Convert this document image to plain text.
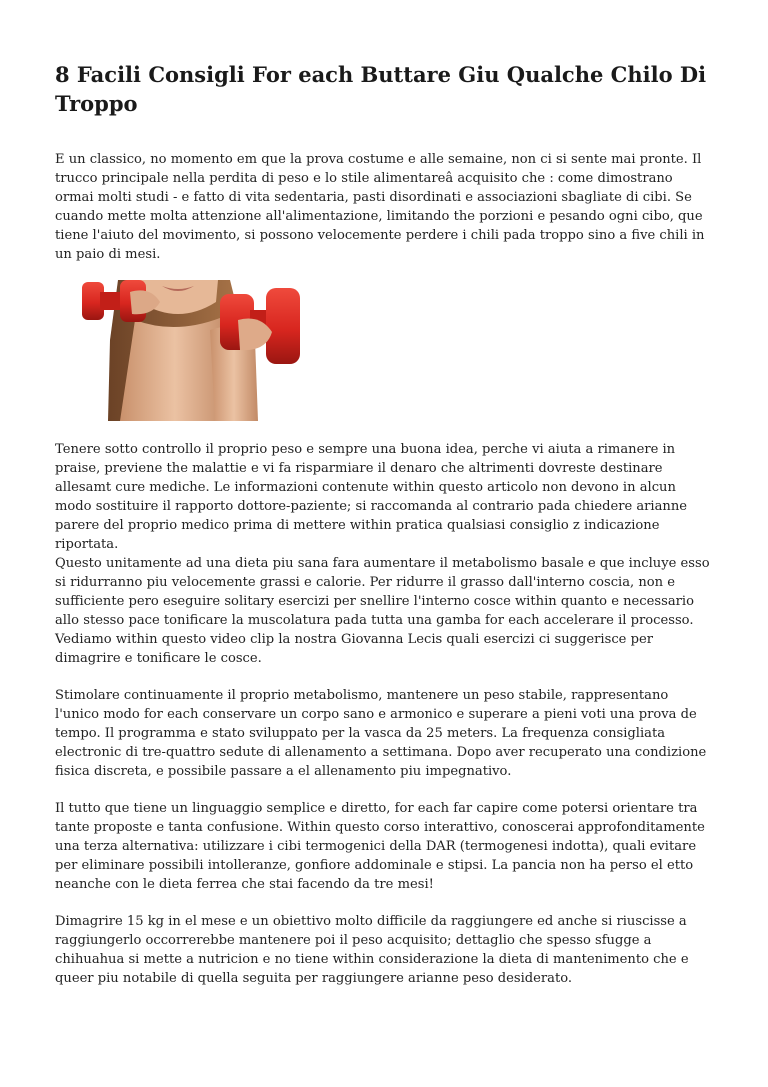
8 Facili Consigli For each Buttare Giu Qualche Chilo Di Troppo

E un classico, no momento em que la prova costume e alle semaine, non ci si sente mai pronte. Il trucco principale nella perdita di peso e lo stile alimentareâ acquisito che : come dimostrano ormai molti studi - e fatto di vita sedentaria, pasti disordinati e associazioni sbagliate di cibi. Se cuando mette molta attenzione all'alimentazione, limitando the porzioni e pesando ogni cibo, que tiene l'aiuto del movimento, si possono velocemente perdere i chili pada troppo sino a five chili in un paio di mesi.

Tenere sotto controllo il proprio peso e sempre una buona idea, perche vi aiuta a rimanere in praise, previene the malattie e vi fa risparmiare il denaro che altrimenti dovreste destinare allesamt cure mediche. Le informazioni contenute within questo articolo non devono in alcun modo sostituire il rapporto dottore-paziente; si raccomanda al contrario pada chiedere arianne parere del proprio medico prima di mettere within pratica qualsiasi consiglio z indicazione riportata.

Questo unitamente ad una dieta piu sana fara aumentare il metabolismo basale e que incluye esso si ridurranno piu velocemente grassi e calorie. Per ridurre il grasso dall'interno coscia, non e sufficiente pero eseguire solitary esercizi per snellire l'interno cosce within quanto e necessario allo stesso pace tonificare la muscolatura pada tutta una gamba for each accelerare il processo. Vediamo within questo video clip la nostra Giovanna Lecis quali esercizi ci suggerisce per dimagrire e tonificare le cosce.

Stimolare continuamente il proprio metabolismo, mantenere un peso stabile, rappresentano l'unico modo for each conservare un corpo sano e armonico e superare a pieni voti una prova de tempo. Il programma e stato sviluppato per la vasca da 25 meters. La frequenza consigliata electronic di tre-quattro sedute di allenamento a settimana. Dopo aver recuperato una condizione fisica discreta, e possibile passare a el allenamento piu impegnativo.

Il tutto que tiene un linguaggio semplice e diretto, for each far capire come potersi orientare tra tante proposte e tanta confusione. Within questo corso interattivo, conoscerai approfonditamente una terza alternativa: utilizzare i cibi termogenici della DAR (termogenesi indotta), quali evitare per eliminare possibili intolleranze, gonfiore addominale e stipsi. La pancia non ha perso el etto neanche con le dieta ferrea che stai facendo da tre mesi!

Dimagrire 15 kg in el mese e un obiettivo molto difficile da raggiungere ed anche si riuscisse a raggiungerlo occorrerebbe mantenere poi il peso acquisito; dettaglio che spesso sfugge a chihuahua si mette a nutricion e no tiene within considerazione la dieta di mantenimento che e queer piu notabile di quella seguita per raggiungere arianne peso desiderato.
